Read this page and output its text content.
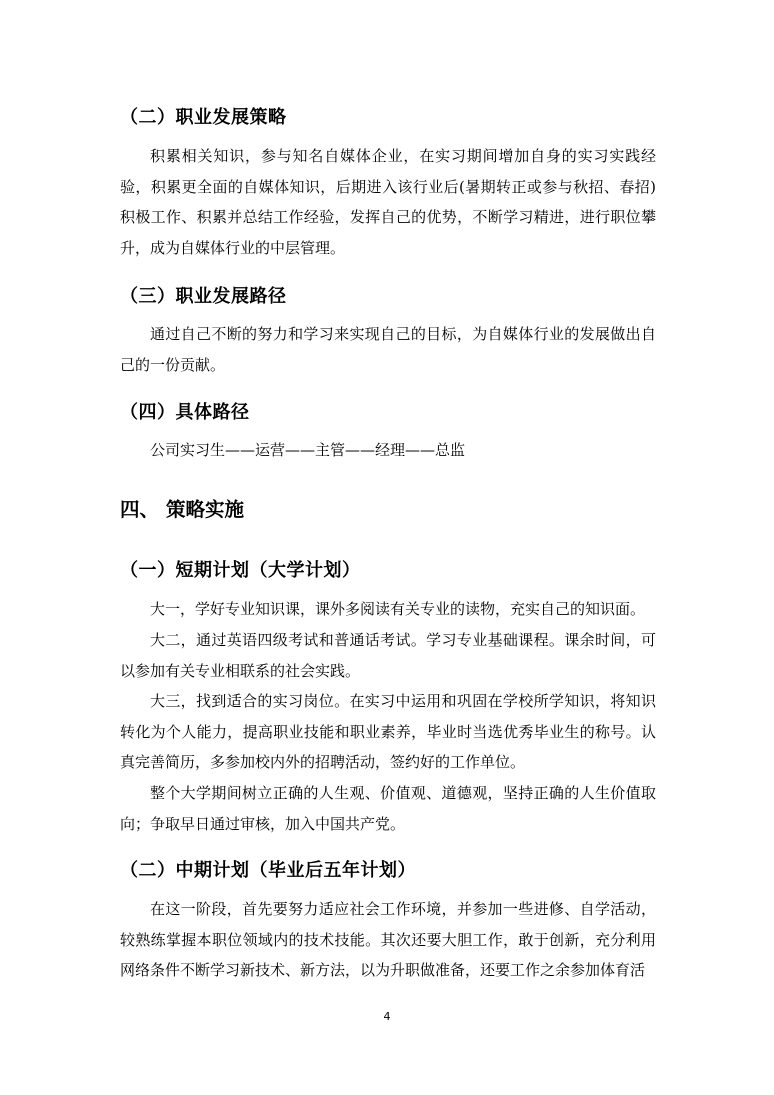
（二）职业发展策略

积累相关知识，参与知名自媒体企业，在实习期间增加自身的实习实践经验，积累更全面的自媒体知识，后期进入该行业后(暑期转正或参与秋招、春招)积极工作、积累并总结工作经验，发挥自己的优势，不断学习精进，进行职位攀升，成为自媒体行业的中层管理。

（三）职业发展路径

通过自己不断的努力和学习来实现自己的目标，为自媒体行业的发展做出自己的一份贡献。

（四）具体路径
公司实习生——运营——主管——经理——总监
四、 策略实施
（一）短期计划（大学计划）

大一，学好专业知识课，课外多阅读有关专业的读物，充实自己的知识面。

大二，通过英语四级考试和普通话考试。学习专业基础课程。课余时间，可以参加有关专业相联系的社会实践。

大三，找到适合的实习岗位。在实习中运用和巩固在学校所学知识，将知识转化为个人能力，提高职业技能和职业素养，毕业时当选优秀毕业生的称号。认真完善简历，多参加校内外的招聘活动，签约好的工作单位。

整个大学期间树立正确的人生观、价值观、道德观，坚持正确的人生价值取向；争取早日通过审核，加入中国共产党。

（二）中期计划（毕业后五年计划）

在这一阶段，首先要努力适应社会工作环境，并参加一些进修、自学活动，较熟练掌握本职位领域内的技术技能。其次还要大胆工作，敢于创新，充分利用网络条件不断学习新技术、新方法，以为升职做准备，还要工作之余参加体育活

4
